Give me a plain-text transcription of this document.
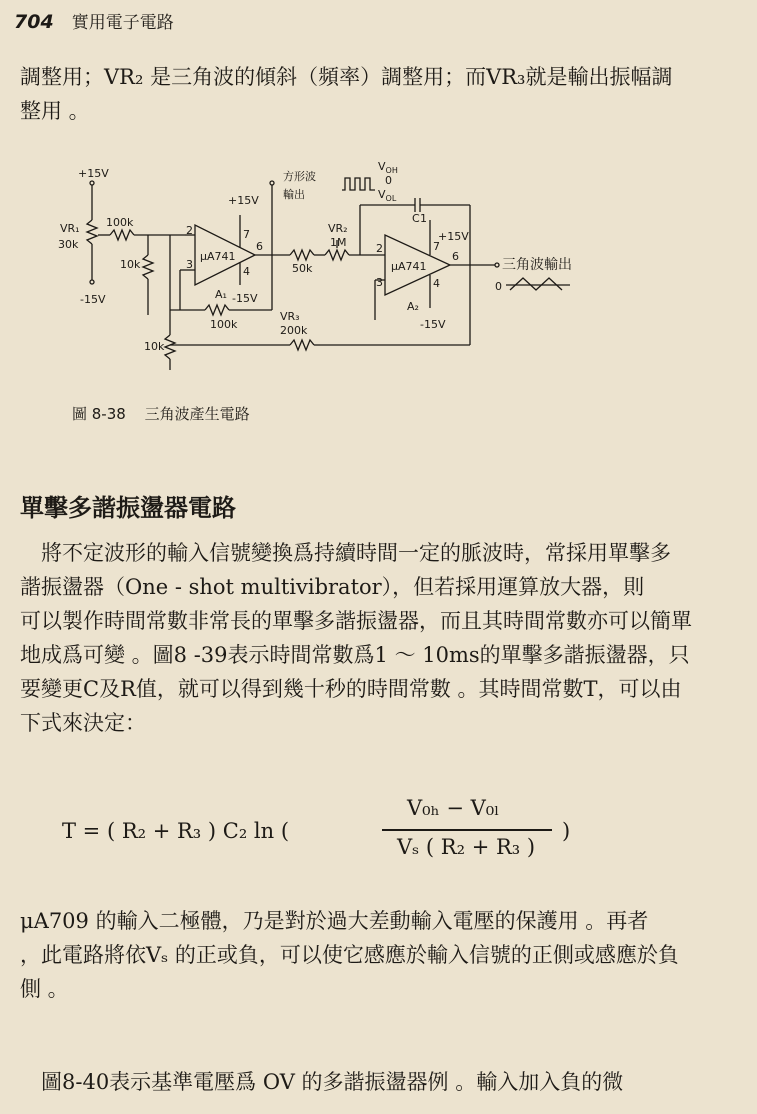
704 實用電子電路

調整用；VR₂ 是三角波的傾斜（頻率）調整用；而VR₃就是輸出振幅調

整用 。

+15V
-15V
VR₁
30k
100k
10k
10k
+15V
-15V
μA741
A₁
2
3
7
6
4
方形波
輸出
$V_{OH}$
0
$V_{OL}$
C 1
VR₂
1M
50k
100k
VR₃
200k
+15V
-15V
μA741
A₂
2
3
7
6
4
三角波輸出
0
圖 8-38 三角波產生電路
單擊多諧振盪器電路

　將不定波形的輸入信號變換爲持續時間一定的脈波時，常採用單擊多

諧振盪器（One - shot multivibrator），但若採用運算放大器，則

可以製作時間常數非常長的單擊多諧振盪器，而且其時間常數亦可以簡單

地成爲可變 。圖8 -39表示時間常數爲1 ～ 10ms的單擊多諧振盪器，只

要變更C及R值，就可以得到幾十秒的時間常數 。其時間常數T，可以由

下式來決定：

T = ( R₂ + R₃ ) C₂ ln (
V₀ₕ − V₀ₗ
Vₛ ( R₂ + R₃ )
)

μA709 的輸入二極體，乃是對於過大差動輸入電壓的保護用 。再者

，此電路將依Vₛ 的正或負，可以使它感應於輸入信號的正側或感應於負

側 。

　圖8-40表示基準電壓爲 OV 的多諧振盪器例 。輸入加入負的微
